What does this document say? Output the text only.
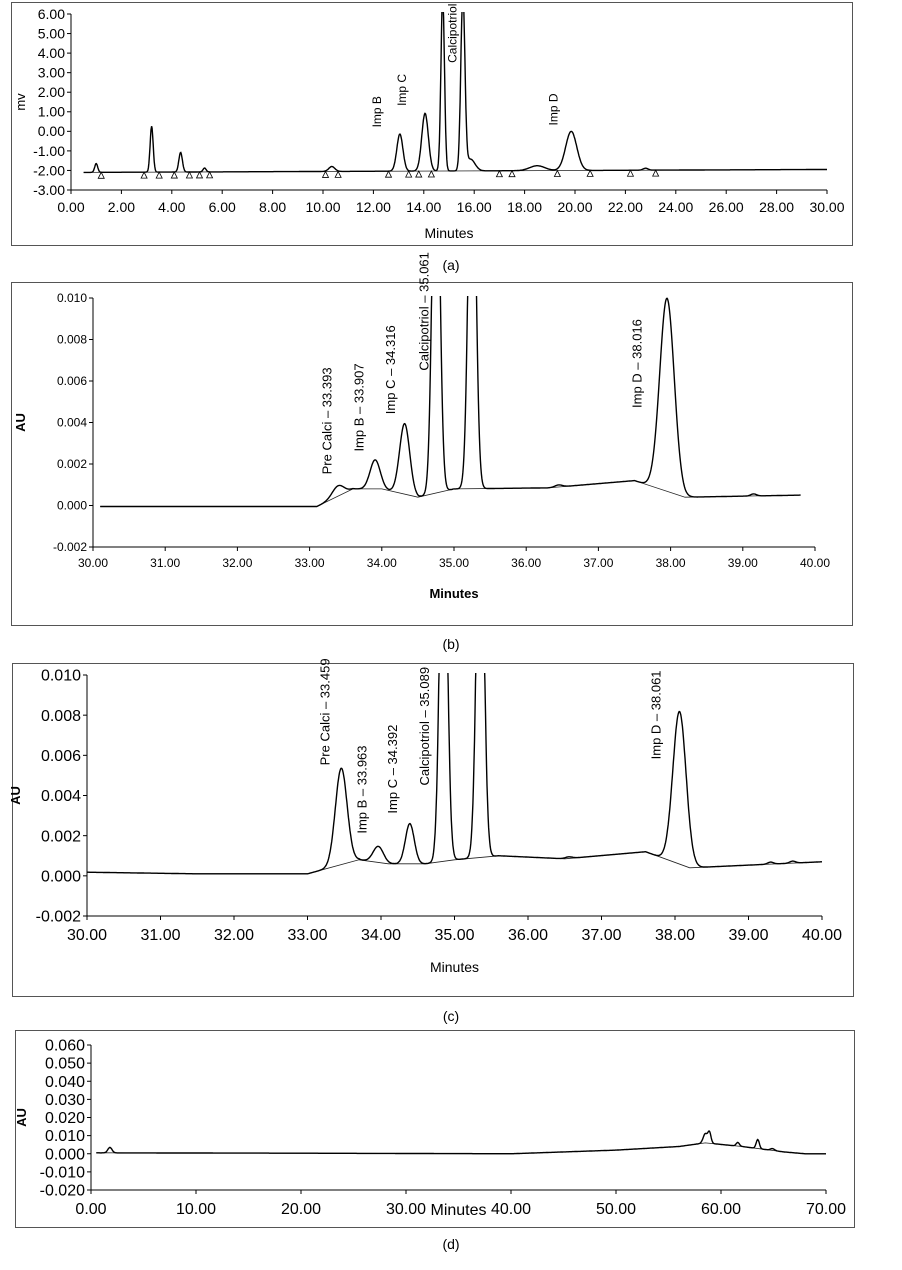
6.00
5.00
4.00
3.00
2.00
1.00
0.00
-1.00
-2.00
-3.00
0.00 2.00 4.00 6.00 8.00 10.00 12.00 14.00 16.00 18.00 20.00 22.00 24.00 26.00 28.00 30.00
Minutes
mv	Imp B
Imp C
Calcipotriol
Imp D
(a)
0.010
0.008
0.006
0.004
0.002
0.000
-0.002
30.00	31.00	32.00	33.00	34.00	35.00	36.00	37.00	38.00	39.00	40.00
Minutes
AU	Pre Calci – 33.393 Imp B – 33.907 Imp C – 34.316 Calcipotriol – 35.061	Imp D – 38.016
(b)
0.010
0.008
0.006
0.004
0.002
0.000
-0.002
30.00 31.00 32.00 33.00 34.00 35.00 36.00 37.00 38.00 39.00 40.00
Minutes
AU
Pre Calci – 33.459
Imp B – 33.963 Imp C – 34.392 Calcipotriol – 35.089	Imp D – 38.061
(c)
0.060
0.050
0.040
0.030
0.020
0.010
0.000
-0.010
-0.020
0.00	10.00	20.00	30.00	40.00	50.00	60.00	70.00
Minutes
AU
(d)
